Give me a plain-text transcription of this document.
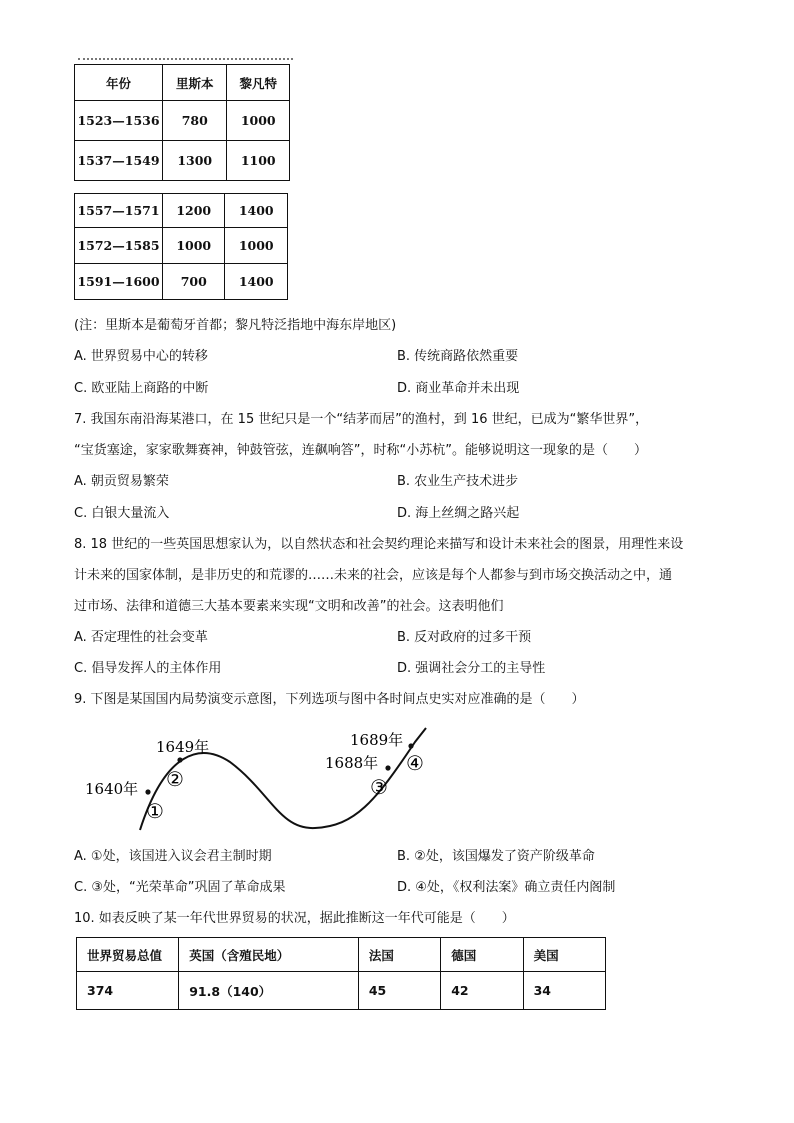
年份	里斯本	黎凡特
1523—1536	780	1000
1537—1549	1300	1100
1557—1571	1200	1400
1572—1585	1000	1000
1591—1600	700	1400
(注：里斯本是葡萄牙首都；黎凡特泛指地中海东岸地区)
A. 世界贸易中心的转移	B. 传统商路依然重要
C. 欧亚陆上商路的中断	D. 商业革命并未出现
7. 我国东南沿海某港口，在 15 世纪只是一个“结茅而居”的渔村，到 16 世纪，已成为“繁华世界”，
“宝货塞途，家家歌舞赛神，钟鼓管弦，连飙响答”，时称“小苏杭”。能够说明这一现象的是（　　）
A. 朝贡贸易繁荣	B. 农业生产技术进步
C. 白银大量流入	D. 海上丝绸之路兴起
8. 18 世纪的一些英国思想家认为，以自然状态和社会契约理论来描写和设计未来社会的图景，用理性来设
计未来的国家体制，是非历史的和荒谬的……未来的社会，应该是每个人都参与到市场交换活动之中，通
过市场、法律和道德三大基本要素来实现“文明和改善”的社会。这表明他们
A. 否定理性的社会变革	B. 反对政府的过多干预
C. 倡导发挥人的主体作用	D. 强调社会分工的主导性
9. 下图是某国国内局势演变示意图，下列选项与图中各时间点史实对应准确的是（　　）
1640年
1649年
1688年
1689年
①
②	③
④
A. ①处，该国进入议会君主制时期	B. ②处，该国爆发了资产阶级革命
C. ③处，“光荣革命”巩固了革命成果	D. ④处，《权利法案》确立责任内阁制
10. 如表反映了某一年代世界贸易的状况，据此推断这一年代可能是（　　）
世界贸易总值	英国（含殖民地）	法国	德国	美国
374	91.8（140）	45	42	34
